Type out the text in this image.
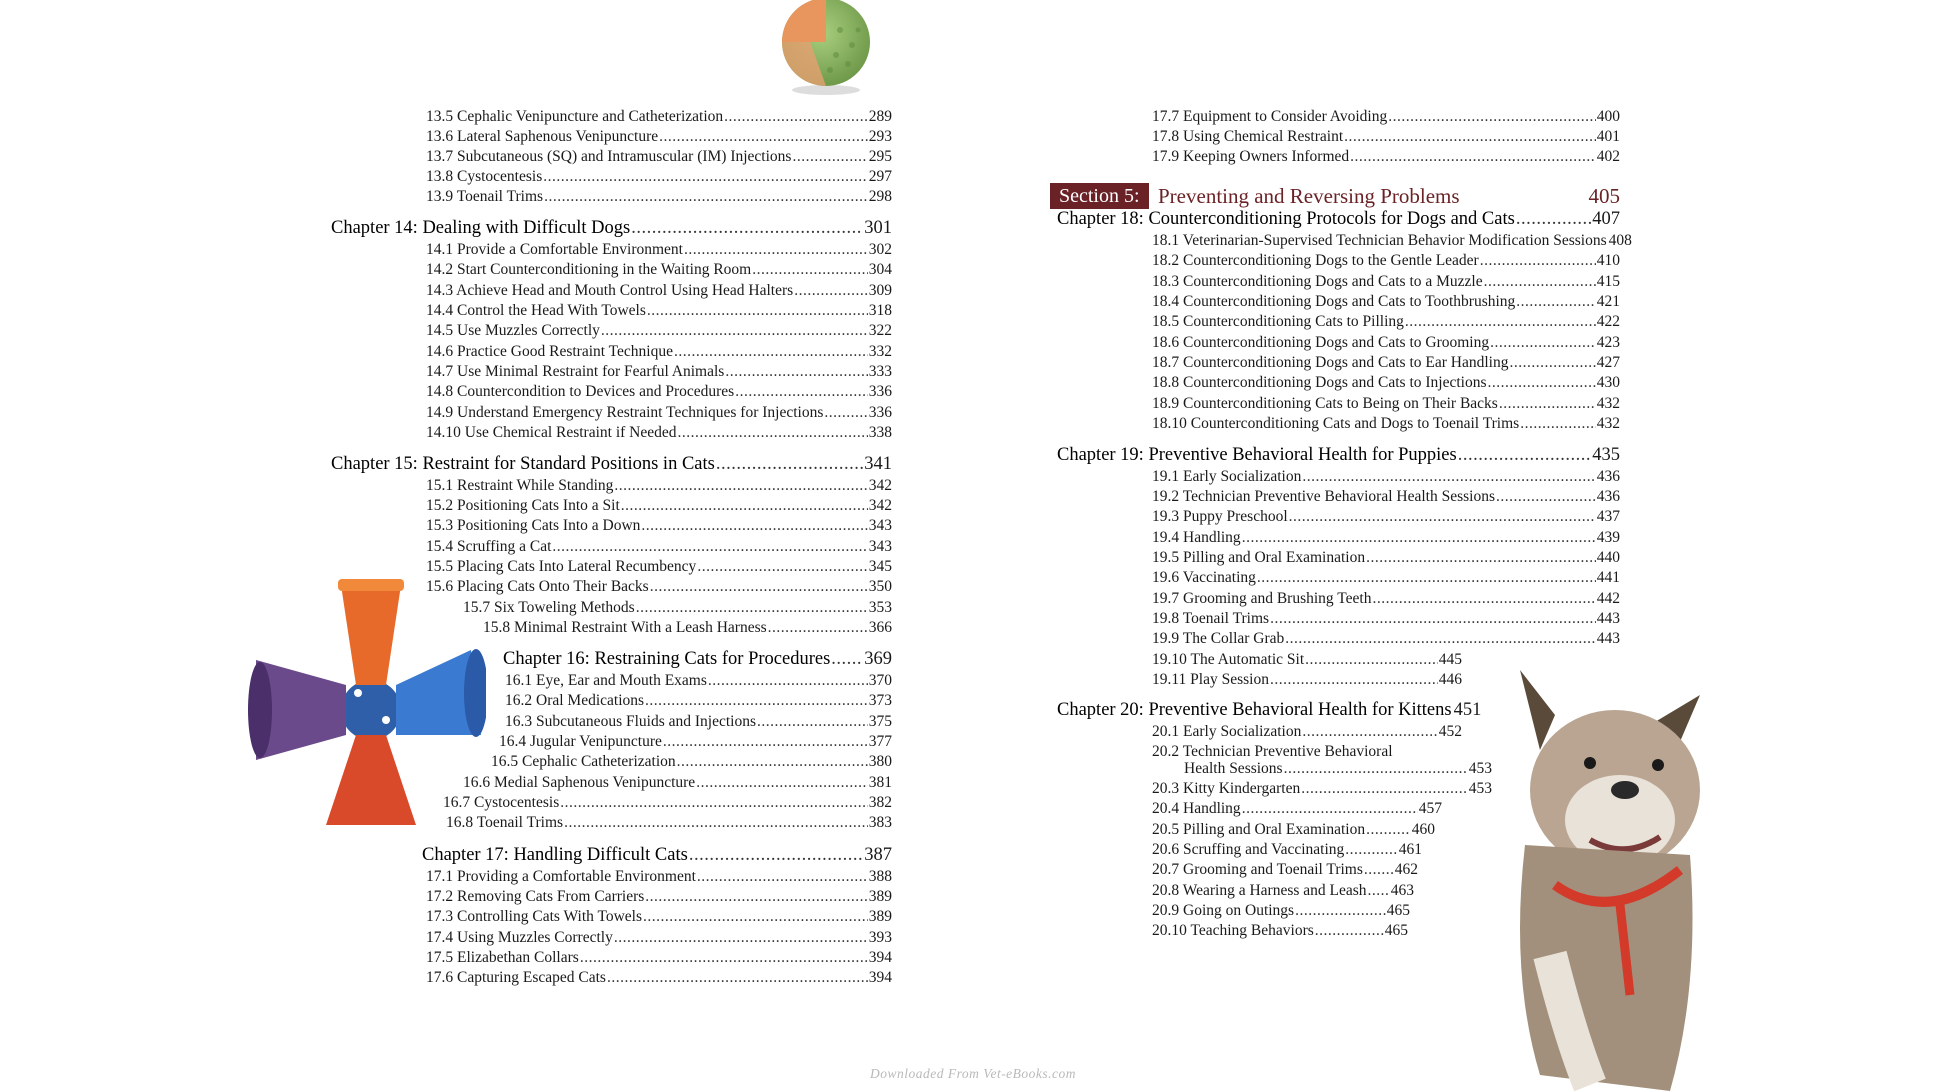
13.5 Cephalic Venipuncture and Catheterization .....	289
13.6 Lateral Saphenous Venipuncture .....	293
13.7 Subcutaneous (SQ) and Intramuscular (IM) Injections .....	295
13.8 Cystocentesis .....	297
13.9 Toenail Trims .....	298
Chapter 14: Dealing with Difficult Dogs .....	301
14.1 Provide a Comfortable Environment .....	302
14.2 Start Counterconditioning in the Waiting Room .....	304
14.3 Achieve Head and Mouth Control Using Head Halters .....	309
14.4 Control the Head With Towels .....	318
14.5 Use Muzzles Correctly .....	322
14.6 Practice Good Restraint Technique .....	332
14.7 Use Minimal Restraint for Fearful Animals .....	333
14.8 Countercondition to Devices and Procedures .....	336
14.9 Understand Emergency Restraint Techniques for Injections .....	336
14.10 Use Chemical Restraint if Needed .....	338
Chapter 15: Restraint for Standard Positions in Cats .....	341
15.1 Restraint While Standing .....	342
15.2 Positioning Cats Into a Sit .....	342
15.3 Positioning Cats Into a Down .....	343
15.4 Scruffing a Cat .....	343
15.5 Placing Cats Into Lateral Recumbency .....	345
15.6 Placing Cats Onto Their Backs .....	350
15.7 Six Toweling Methods .....	353
15.8 Minimal Restraint With a Leash Harness .....	366
Chapter 16: Restraining Cats for Procedures ..... 369
16.1 Eye, Ear and Mouth Exams .....	370
16.2 Oral Medications .....	373
16.3 Subcutaneous Fluids and Injections .....	375
16.4 Jugular Venipuncture .....	377
16.5 Cephalic Catheterization .....	380
16.6 Medial Saphenous Venipuncture .....	381
16.7 Cystocentesis .....	382
16.8 Toenail Trims .....	383
Chapter 17: Handling Difficult Cats .....	387
17.1 Providing a Comfortable Environment .....	388
17.2 Removing Cats From Carriers .....	389
17.3 Controlling Cats With Towels .....	389
17.4 Using Muzzles Correctly .....	393
17.5 Elizabethan Collars .....	394
17.6 Capturing Escaped Cats .....	394
17.7 Equipment to Consider Avoiding .....	400
17.8 Using Chemical Restraint .....	401
17.9 Keeping Owners Informed .....	402
Section 5: Preventing and Reversing Problems	405
Chapter 18: Counterconditioning Protocols for Dogs and Cats .....	407
18.1 Veterinarian-Supervised Technician Behavior Modification Sessions 408
18.2 Counterconditioning Dogs to the Gentle Leader .....	410
18.3 Counterconditioning Dogs and Cats to a Muzzle .....	415
18.4 Counterconditioning Dogs and Cats to Toothbrushing .....	421
18.5 Counterconditioning Cats to Pilling .....	422
18.6 Counterconditioning Dogs and Cats to Grooming .....	423
18.7 Counterconditioning Dogs and Cats to Ear Handling .....	427
18.8 Counterconditioning Dogs and Cats to Injections .....	430
18.9 Counterconditioning Cats to Being on Their Backs .....	432
18.10 Counterconditioning Cats and Dogs to Toenail Trims .....	432
Chapter 19: Preventive Behavioral Health for Puppies .....	435
19.1 Early Socialization .....	436
19.2 Technician Preventive Behavioral Health Sessions .....	436
19.3 Puppy Preschool .....	437
19.4 Handling .....	439
19.5 Pilling and Oral Examination .....	440
19.6 Vaccinating .....	441
19.7 Grooming and Brushing Teeth .....	442
19.8 Toenail Trims .....	443
19.9 The Collar Grab .....	443
19.10 The Automatic Sit .....	445
19.11 Play Session .....	446
Chapter 20: Preventive Behavioral Health for Kittens 451
20.1 Early Socialization .....	452
20.2 Technician Preventive Behavioral
Health Sessions .....	453
20.3 Kitty Kindergarten .....	453
20.4 Handling .....	457
20.5 Pilling and Oral Examination .....	460
20.6 Scruffing and Vaccinating .....	461
20.7 Grooming and Toenail Trims ..... 462
20.8 Wearing a Harness and Leash ..... 463
20.9 Going on Outings .....	465
20.10 Teaching Behaviors .....	465
Downloaded From Vet-eBooks.com
